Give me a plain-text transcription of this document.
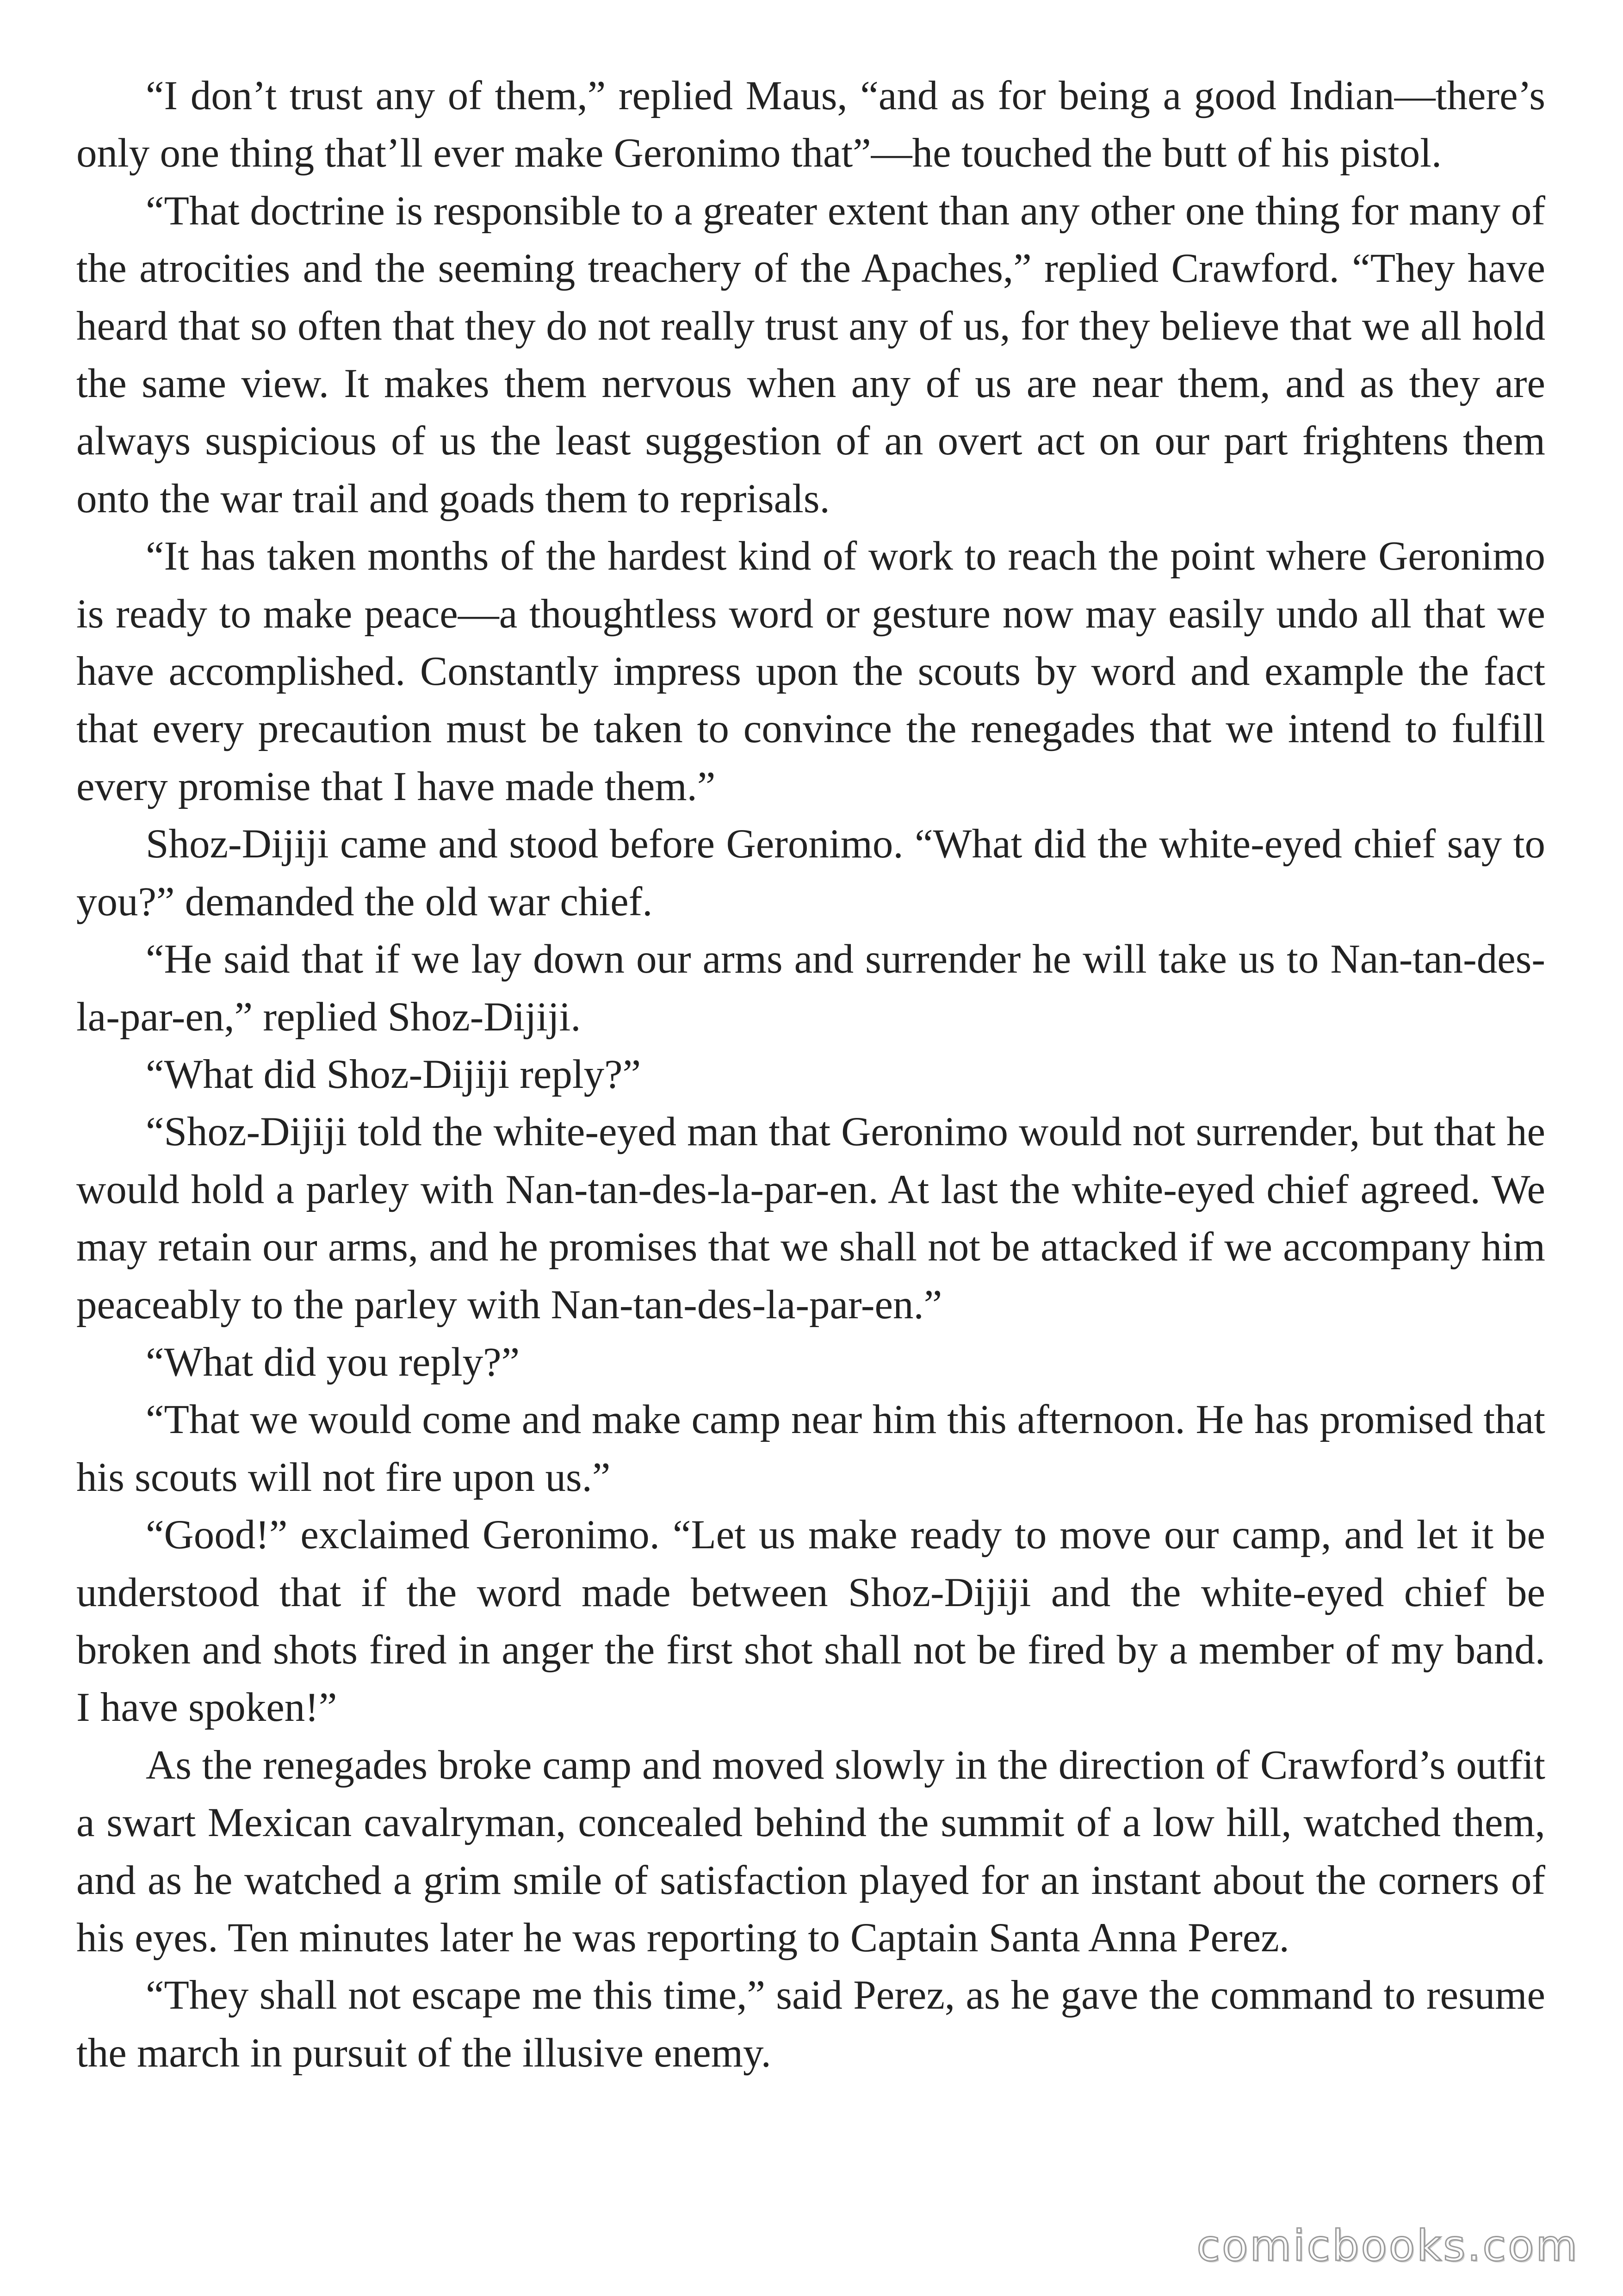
“I don’t trust any of them,” replied Maus, “and as for being a good Indian—there’s only one thing that’ll ever make Geronimo that”—he touched the butt of his pistol.

“That doctrine is responsible to a greater extent than any other one thing for many of the atrocities and the seeming treachery of the Apaches,” replied Crawford. “They have heard that so often that they do not really trust any of us, for they believe that we all hold the same view. It makes them nervous when any of us are near them, and as they are always suspicious of us the least suggestion of an overt act on our part frightens them onto the war trail and goads them to reprisals.

“It has taken months of the hardest kind of work to reach the point where Geronimo is ready to make peace—a thoughtless word or gesture now may easily undo all that we have accomplished. Constantly impress upon the scouts by word and example the fact that every precaution must be taken to convince the renegades that we intend to fulfill every promise that I have made them.”

Shoz-Dijiji came and stood before Geronimo. “What did the white-eyed chief say to you?” demanded the old war chief.

“He said that if we lay down our arms and surrender he will take us to Nan-tan-des-la-par-en,” replied Shoz-Dijiji.

“What did Shoz-Dijiji reply?”

“Shoz-Dijiji told the white-eyed man that Geronimo would not surrender, but that he would hold a parley with Nan-tan-des-la-par-en. At last the white-eyed chief agreed. We may retain our arms, and he promises that we shall not be attacked if we accompany him peaceably to the parley with Nan-tan-des-la-par-en.”

“What did you reply?”

“That we would come and make camp near him this afternoon. He has promised that his scouts will not fire upon us.”

“Good!” exclaimed Geronimo. “Let us make ready to move our camp, and let it be understood that if the word made between Shoz-Dijiji and the white-eyed chief be broken and shots fired in anger the first shot shall not be fired by a member of my band. I have spoken!”

As the renegades broke camp and moved slowly in the direction of Crawford’s outfit a swart Mexican cavalryman, concealed behind the summit of a low hill, watched them, and as he watched a grim smile of satisfaction played for an instant about the corners of his eyes. Ten minutes later he was reporting to Captain Santa Anna Perez.

“They shall not escape me this time,” said Perez, as he gave the command to resume the march in pursuit of the illusive enemy.

comicbooks.com
